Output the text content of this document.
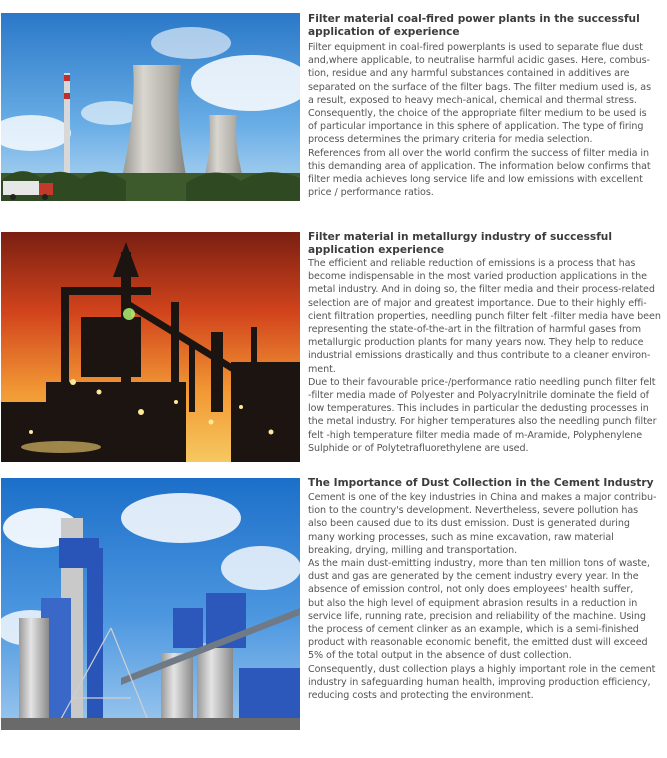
Filter material coal-fired power plants in the successful application of experience

Filter equipment in coal-fired powerplants is used to separate flue dust
and,where applicable, to neutralise harmful acidic gases. Here, combus-
tion, residue and any harmful substances contained in additives are
separated on the surface of the filter bags. The filter medium used is, as
a result, exposed to heavy mech-anical, chemical and thermal stress.
Consequently, the choice of the appropriate filter medium to be used is
of particular importance in this sphere of application. The type of firing
process determines the primary criteria for media selection.
References from all over the world confirm the success of filter media in
this demanding area of application. The information below confirms that
filter media achieves long service life and low emissions with excellent
price / performance ratios.

Filter material in metallurgy industry of successful application experience

The efficient and reliable reduction of emissions is a process that has
become indispensable in the most varied production applications in the
metal industry. And in doing so, the filter media and their process-related
selection are of major and greatest importance. Due to their highly effi-
cient filtration properties, needling punch filter felt -filter media have been
representing the state-of-the-art in the filtration of harmful gases from
metallurgic production plants for many years now. They help to reduce
industrial emissions drastically and thus contribute to a cleaner environ-
ment.
Due to their favourable price-/performance ratio needling punch filter felt
-filter media made of Polyester and Polyacrylnitrile dominate the field of
low temperatures. This includes in particular the dedusting processes in
the metal industry. For higher temperatures also the needling punch filter
felt -high temperature filter media made of m-Aramide, Polyphenylene
Sulphide or of Polytetrafluorethylene are used.

The Importance of Dust Collection in the Cement Industry

Cement is one of the key industries in China and makes a major contribu-
tion to the country's development. Nevertheless, severe pollution has
also been caused due to its dust emission. Dust is generated during
many working processes, such as mine excavation, raw material
breaking, drying, milling and transportation.
As the main dust-emitting industry, more than ten million tons of waste,
dust and gas are generated by the cement industry every year. In the
absence of emission control, not only does employees' health suffer,
but also the high level of equipment abrasion results in a reduction in
service life, running rate, precision and reliability of the machine. Using
the process of cement clinker as an example, which is a semi-finished
product with reasonable economic benefit, the emitted dust will exceed
5% of the total output in the absence of dust collection.
Consequently, dust collection plays a highly important role in the cement
industry in safeguarding human health, improving production efficiency,
reducing costs and protecting the environment.
